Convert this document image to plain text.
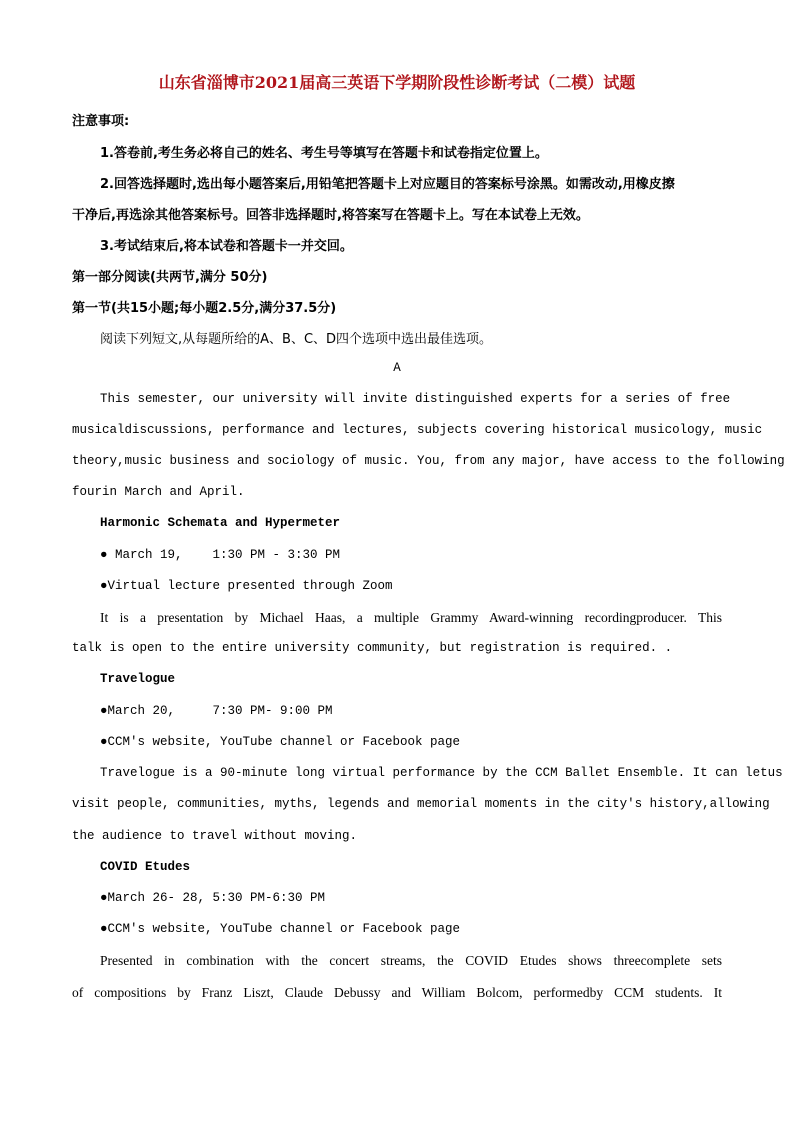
山东省淄博市2021届高三英语下学期阶段性诊断考试（二模）试题
注意事项:
1.答卷前,考生务必将自己的姓名、考生号等填写在答题卡和试卷指定位置上。
2.回答选择题时,选出每小题答案后,用铅笔把答题卡上对应题目的答案标号涂黑。如需改动,用橡皮擦
干净后,再选涂其他答案标号。回答非选择题时,将答案写在答题卡上。写在本试卷上无效。
3.考试结束后,将本试卷和答题卡一并交回。
第一部分阅读(共两节,满分 50分)
第一节(共15小题;每小题2.5分,满分37.5分)
阅读下列短文,从每题所给的A、B、C、D四个选项中选出最佳选项。
A
This semester, our university will invite distinguished experts for a series of free
musicaldiscussions, performance and lectures, subjects covering historical musicology, music
theory,music business and sociology of music. You, from any major, have access to the following
fourin March and April.
Harmonic Schemata and Hypermeter
● March 19,    1:30 PM - 3:30 PM
●Virtual lecture presented through Zoom
It is a presentation by Michael Haas, a multiple Grammy Award-winning recordingproducer. This
talk is open to the entire university community, but registration is required. .
Travelogue
●March 20,     7:30 PM- 9:00 PM
●CCM's website, YouTube channel or Facebook page
Travelogue is a 90-minute long virtual performance by the CCM Ballet Ensemble. It can letus
visit people, communities, myths, legends and memorial moments in the city's history,allowing
the audience to travel without moving.
COVID Etudes
●March 26- 28, 5:30 PM-6:30 PM
●CCM's website, YouTube channel or Facebook page
Presented in combination with the concert streams, the COVID Etudes shows threecomplete sets
of compositions by Franz Liszt, Claude Debussy and William Bolcom, performedby CCM students. It
